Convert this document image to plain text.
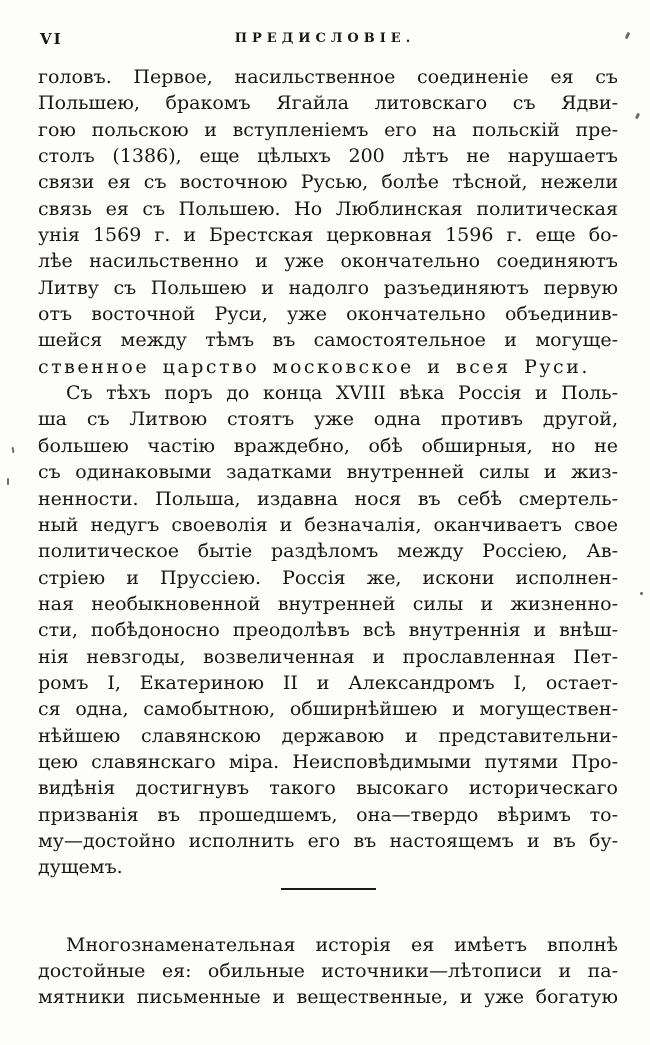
VI	ПРЕДИСЛОВІЕ.
головъ. Первое, насильственное соединеніе ея съ
Польшею, бракомъ Ягайла литовскаго съ Ядви-
гою польскою и вступленіемъ его на польскій пре-
столъ (1386), еще цѣлыхъ 200 лѣтъ не нарушаетъ
связи ея съ восточною Русью, болѣе тѣсной, нежели
связь ея съ Польшею. Но Люблинская политическая
унія 1569 г. и Брестская церковная 1596 г. еще бо-
лѣе насильственно и уже окончательно соединяютъ
Литву съ Польшею и надолго разъединяютъ первую
отъ восточной Руси, уже окончательно объединив-
шейся между тѣмъ въ самостоятельное и могуще-
ственное царство московское и всея Руси.
Съ тѣхъ поръ до конца XVIII вѣка Россія и Поль-
ша съ Литвою стоятъ уже одна противъ другой,
большею частію враждебно, обѣ обширныя, но не
съ одинаковыми задатками внутренней силы и жиз-
ненности. Польша, издавна нося въ себѣ смертель-
ный недугъ своеволія и безначалія, оканчиваетъ свое
политическое бытіе раздѣломъ между Россіею, Ав-
стріею и Пруссіею. Россія же, искони исполнен-
ная необыкновенной внутренней силы и жизненно-
сти, побѣдоносно преодолѣвъ всѣ внутреннія и внѣш-
нія невзгоды, возвеличенная и прославленная Пет-
ромъ I, Екатериною II и Александромъ I, остает-
ся одна, самобытною, обширнѣйшею и могуществен-
нѣйшею славянскою державою и представительни-
цею славянскаго міра. Неисповѣдимыми путями Про-
видѣнія достигнувъ такого высокаго историческаго
призванія въ прошедшемъ, она—твердо вѣримъ то-
му—достойно исполнить его въ настоящемъ и въ бу-
дущемъ.
Многознаменательная исторія ея имѣетъ вполнѣ
достойные ея: обильные источники—лѣтописи и па-
мятники письменные и вещественные, и уже богатую
